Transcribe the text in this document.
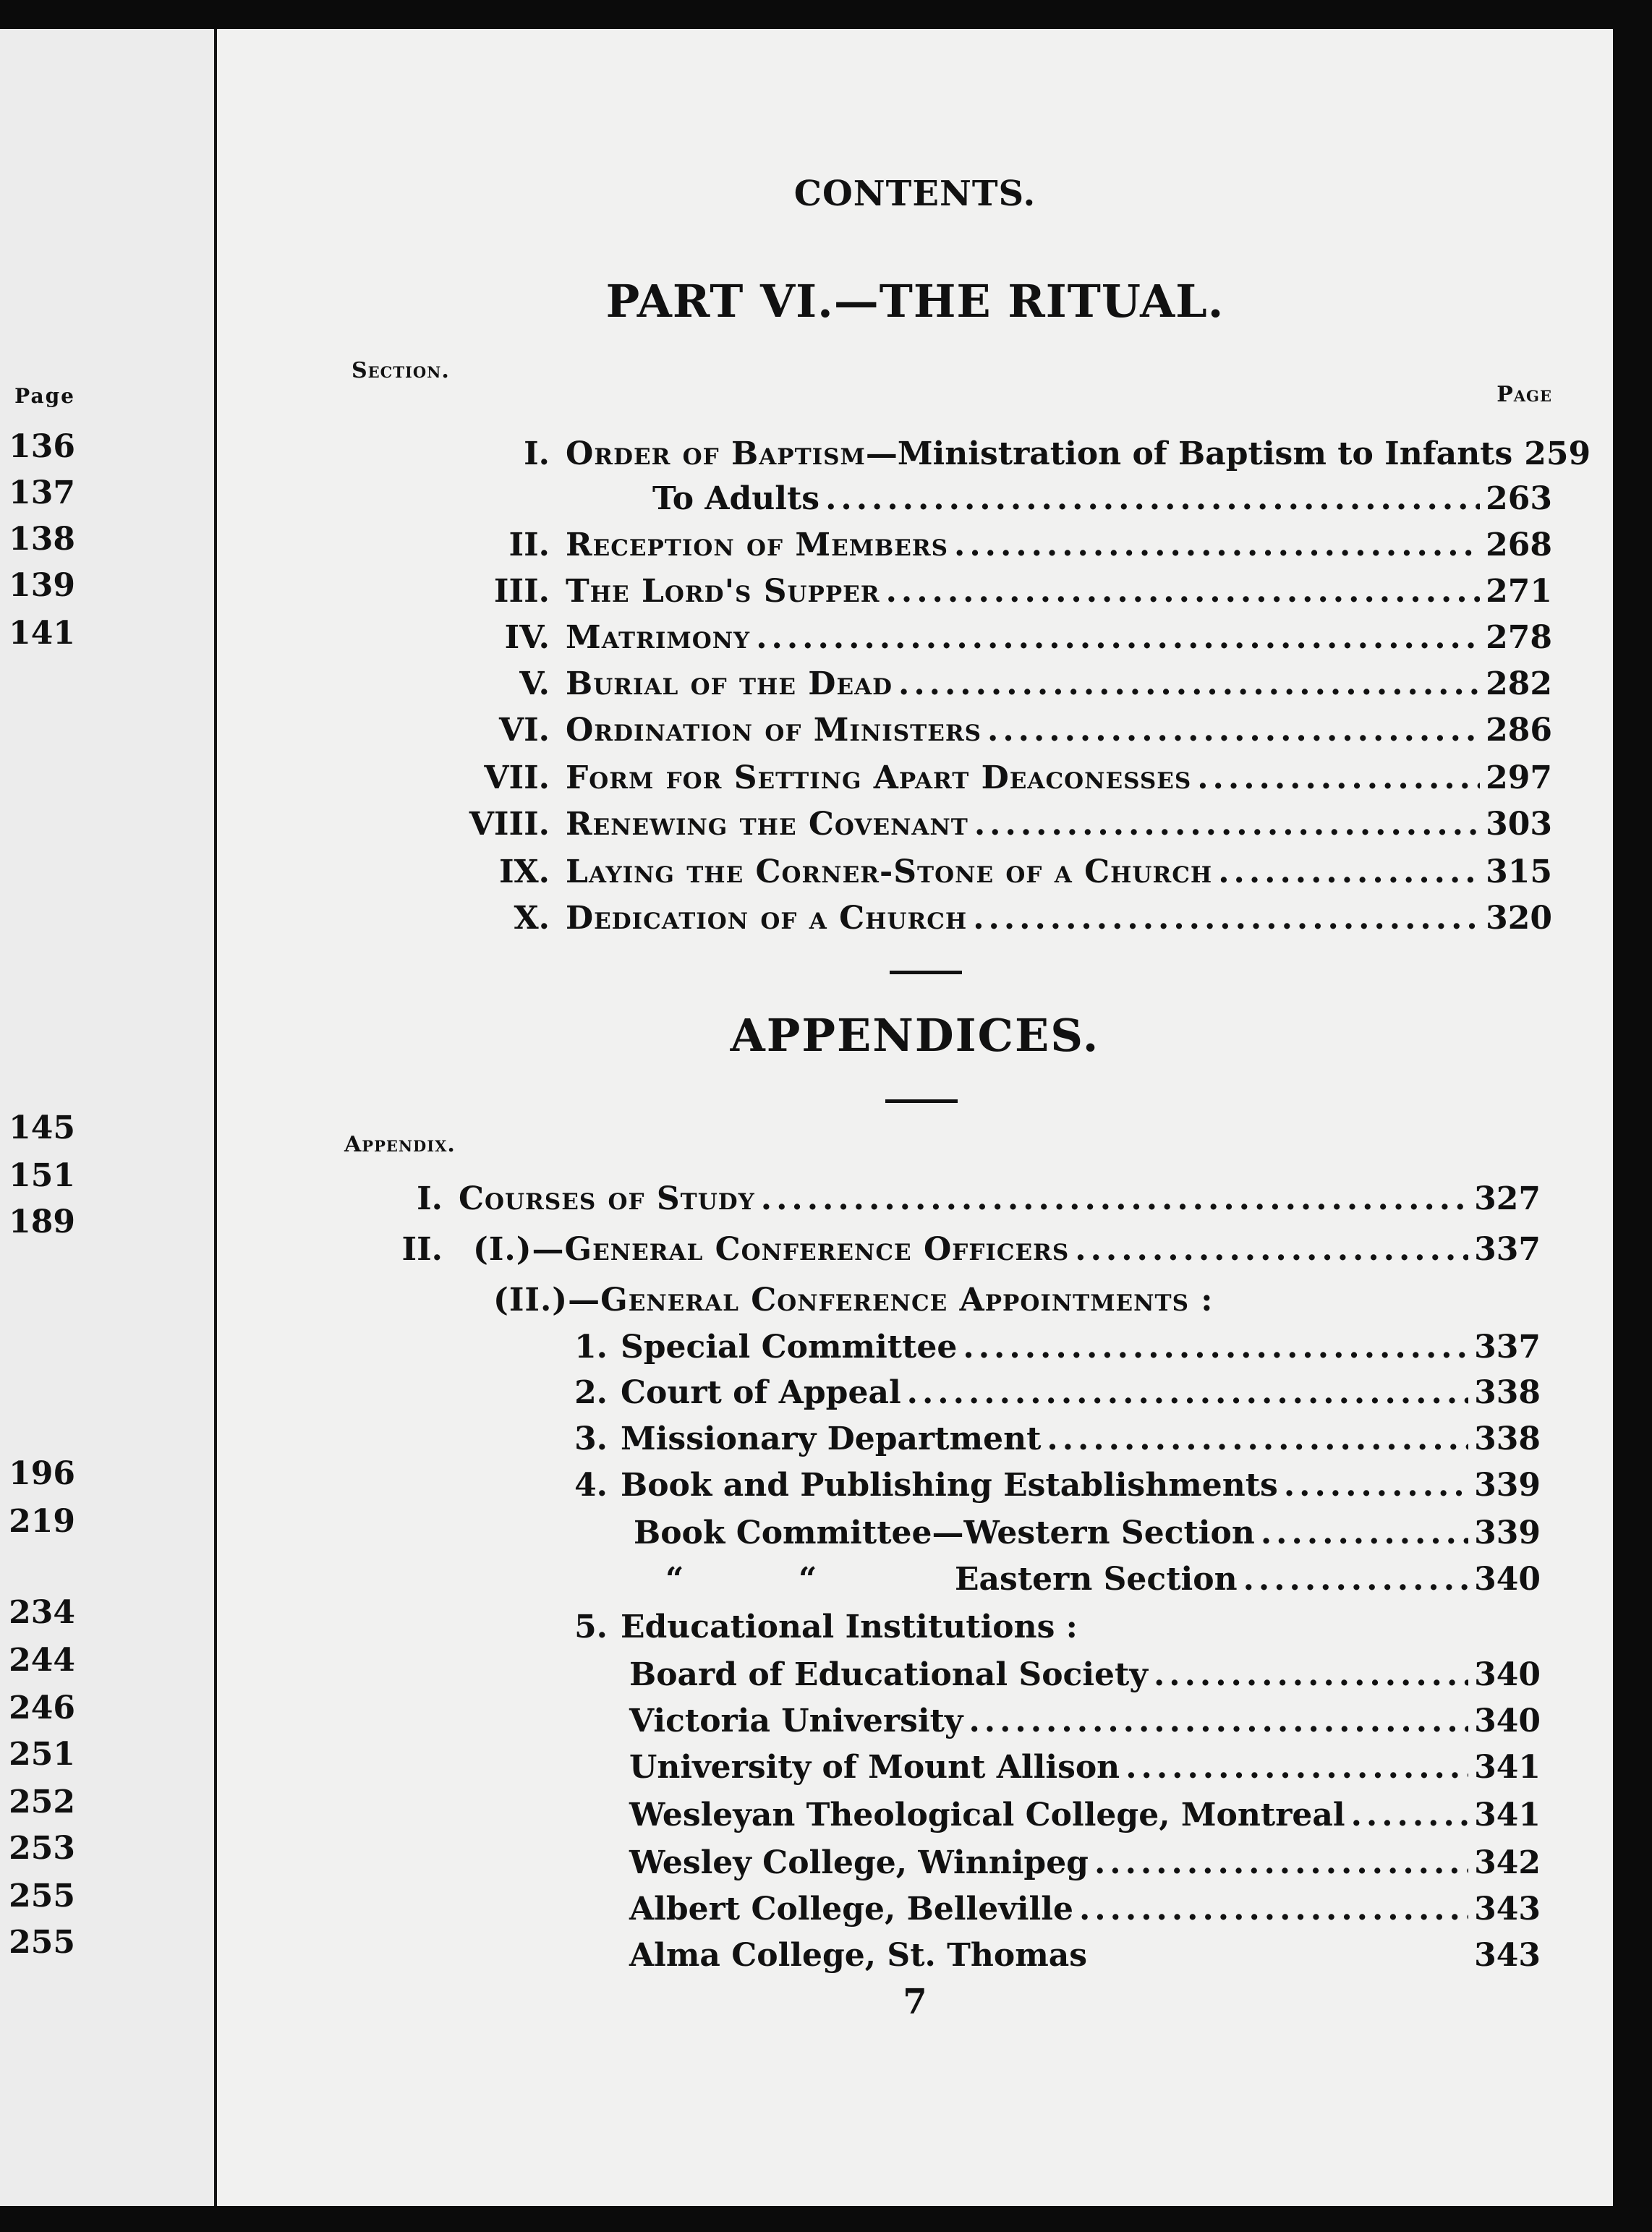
Page
136
137
138
139
141
145
151
189
196
219
234
244
246
251
252
253
255
255
CONTENTS.
PART VI.—THE RITUAL.
Section.
Page
I. Order of Baptism—Ministration of Baptism to Infants 259
To Adults .....	263
II. Reception of Members .....	268
III. The Lord's Supper .....	271
IV. Matrimony .....	278
V. Burial of the Dead .....	282
VI. Ordination of Ministers .....	286
VII. Form for Setting Apart Deaconesses .....	297
VIII. Renewing the Covenant .....	303
IX. Laying the Corner-Stone of a Church .....	315
X. Dedication of a Church .....	320
APPENDICES.
Appendix.
I. Courses of Study .....	327
II. (I.)—General Conference Officers .....	337
(II.)—General Conference Appointments :
1. Special Committee .....	337
2. Court of Appeal .....	338
3. Missionary Department .....	338
4. Book and Publishing Establishments .....	339
Book Committee—Western Section .....	339
“	“	Eastern Section .....	340
5. Educational Institutions :
Board of Educational Society .....	340
Victoria University .....	340
University of Mount Allison .....	341
Wesleyan Theological College, Montreal .....	341
Wesley College, Winnipeg .....	342
Albert College, Belleville .....	343
Alma College, St. Thomas	343
7
